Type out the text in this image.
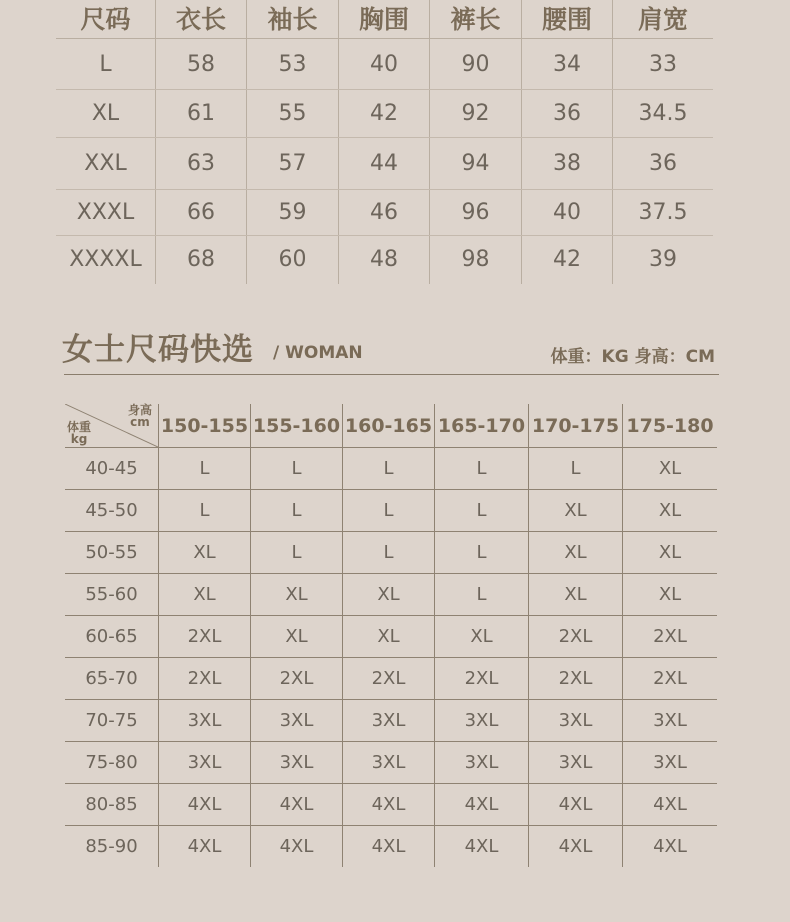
尺码	衣长	袖长	胸围	裤长	腰围	肩宽
L	58	53	40	90	34	33
XL	61	55	42	92	36	34.5
XXL	63	57	44	94	38	36
XXXL	66	59	46	96	40	37.5
XXXXL	68	60	48	98	42	39
女士尺码快选 / WOMAN	体重：KG 身高：CM
身高
cm
体重
kg	150-155	155-160	160-165	165-170	170-175	175-180
40-45	L	L	L	L	L	XL
45-50	L	L	L	L	XL	XL
50-55	XL	L	L	L	XL	XL
55-60	XL	XL	XL	L	XL	XL
60-65	2XL	XL	XL	XL	2XL	2XL
65-70	2XL	2XL	2XL	2XL	2XL	2XL
70-75	3XL	3XL	3XL	3XL	3XL	3XL
75-80	3XL	3XL	3XL	3XL	3XL	3XL
80-85	4XL	4XL	4XL	4XL	4XL	4XL
85-90	4XL	4XL	4XL	4XL	4XL	4XL
